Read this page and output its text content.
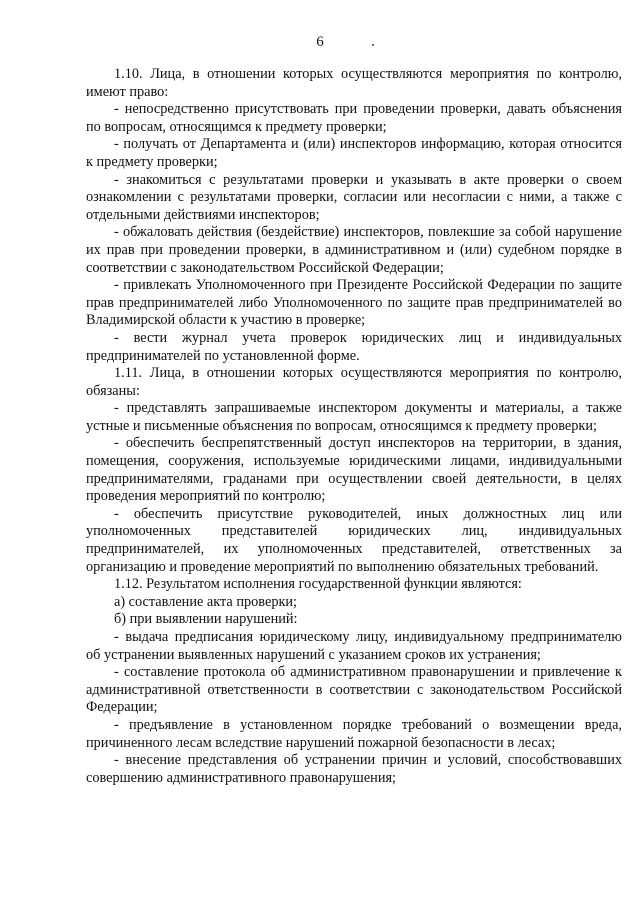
6

1.10. Лица, в отношении которых осуществляются мероприятия по контролю, имеют право:

- непосредственно присутствовать при проведении проверки, давать объяснения по вопросам, относящимся к предмету проверки;

- получать от Департамента и (или) инспекторов информацию, которая относится к предмету проверки;

- знакомиться с результатами проверки и указывать в акте проверки о своем ознакомлении с результатами проверки, согласии или несогласии с ними, а также с отдельными действиями инспекторов;

- обжаловать действия (бездействие) инспекторов, повлекшие за собой нарушение их прав при проведении проверки, в административном и (или) судебном порядке в соответствии с законодательством Российской Федерации;

- привлекать Уполномоченного при Президенте Российской Федерации по защите прав предпринимателей либо Уполномоченного по защите прав предпринимателей во Владимирской области к участию в проверке;

- вести журнал учета проверок юридических лиц и индивидуальных предпринимателей по установленной форме.

1.11. Лица, в отношении которых осуществляются мероприятия по контролю, обязаны:

- представлять запрашиваемые инспектором документы и материалы, а также устные и письменные объяснения по вопросам, относящимся к предмету проверки;

- обеспечить беспрепятственный доступ инспекторов на территории, в здания, помещения, сооружения, используемые юридическими лицами, индивидуальными предпринимателями, граданами при осуществлении своей деятельности, в целях проведения мероприятий по контролю;

- обеспечить присутствие руководителей, иных должностных лиц или уполномоченных представителей юридических лиц, индивидуальных предпринимателей, их уполномоченных представителей, ответственных за организацию и проведение мероприятий по выполнению обязательных требований.

1.12. Результатом исполнения государственной функции являются:

а) составление акта проверки;

б) при выявлении нарушений:

- выдача предписания юридическому лицу, индивидуальному предпринимателю об устранении выявленных нарушений с указанием сроков их устранения;

- составление протокола об административном правонарушении и привлечение к административной ответственности в соответствии с законодательством Российской Федерации;

- предъявление в установленном порядке требований о возмещении вреда, причиненного лесам вследствие нарушений пожарной безопасности в лесах;

- внесение представления об устранении причин и условий, способствовавших совершению административного правонарушения;
